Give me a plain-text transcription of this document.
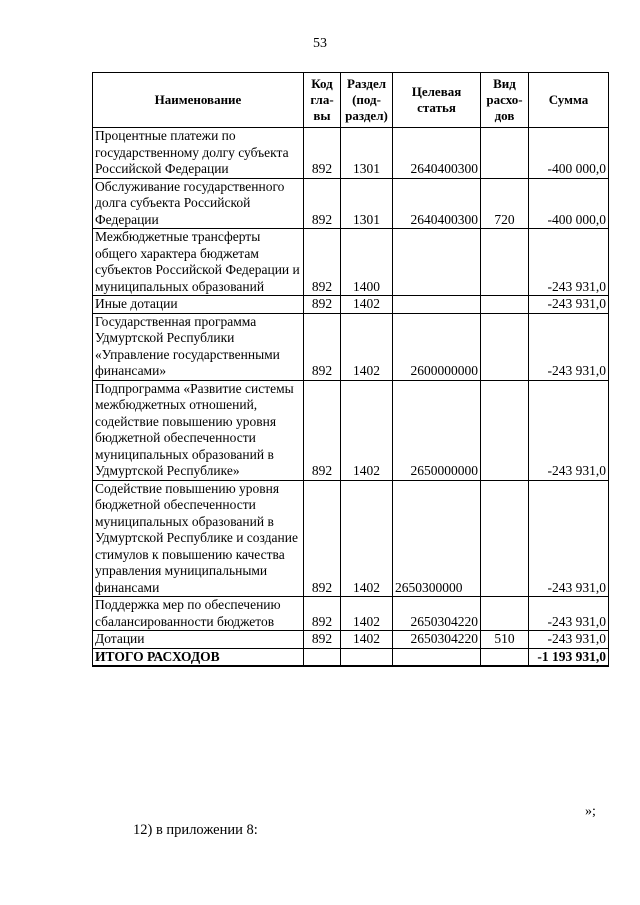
53
Наименование	Код гла- вы	Раздел (под- раздел)	Целевая статья	Вид расхо- дов	Сумма
Процентные платежи по государственному долгу субъекта Российской Федерации	892	1301	2640400300		-400 000,0
Обслуживание государственного долга субъекта Российской Федерации	892	1301	2640400300	720	-400 000,0
Межбюджетные трансферты общего характера бюджетам субъектов Российской Федерации и муниципальных образований	892	1400			-243 931,0
Иные дотации	892	1402			-243 931,0
Государственная программа Удмуртской Республики «Управление государственными финансами»	892	1402	2600000000		-243 931,0
Подпрограмма «Развитие системы межбюджетных отношений, содействие повышению уровня бюджетной обеспеченности муниципальных образований в Удмуртской Республике»	892	1402	2650000000		-243 931,0
Содействие повышению уровня бюджетной обеспеченности муниципальных образований в Удмуртской Республике и создание стимулов к повышению качества управления муниципальными финансами	892	1402	2650300000		-243 931,0
Поддержка мер по обеспечению сбалансированности бюджетов	892	1402	2650304220		-243 931,0
Дотации	892	1402	2650304220	510	-243 931,0
ИТОГО РАСХОДОВ					-1 193 931,0
»;
12) в приложении 8:
